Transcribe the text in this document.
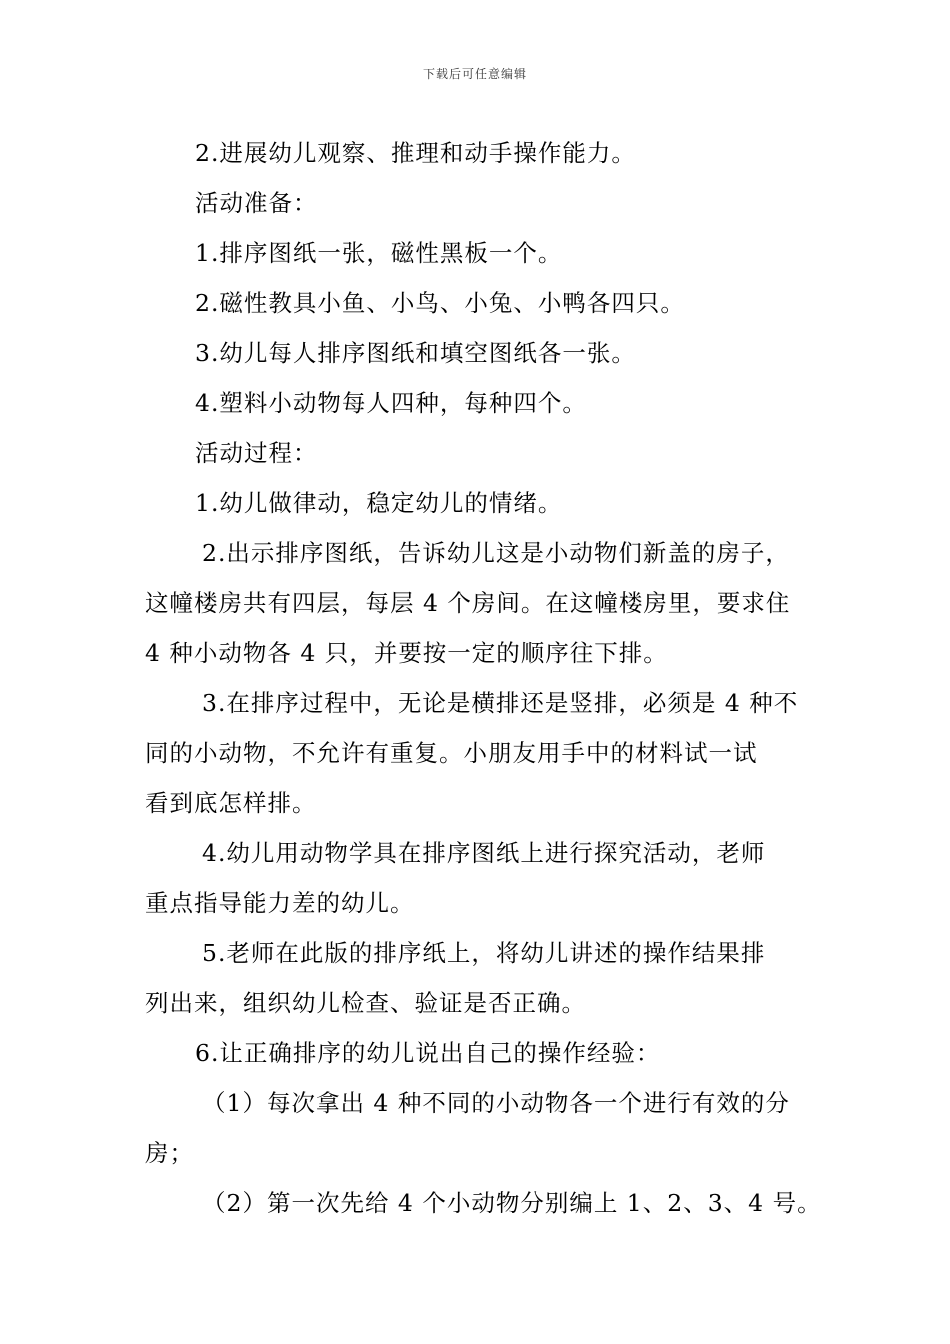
下载后可任意编辑
2.进展幼儿观察、推理和动手操作能力。
活动准备：
1.排序图纸一张，磁性黑板一个。
2.磁性教具小鱼、小鸟、小兔、小鸭各四只。
3.幼儿每人排序图纸和填空图纸各一张。
4.塑料小动物每人四种，每种四个。
活动过程：
1.幼儿做律动，稳定幼儿的情绪。
2.出示排序图纸，告诉幼儿这是小动物们新盖的房子，
这幢楼房共有四层，每层 4 个房间。在这幢楼房里，要求住
4 种小动物各 4 只，并要按一定的顺序往下排。
3.在排序过程中，无论是横排还是竖排，必须是 4 种不
同的小动物，不允许有重复。小朋友用手中的材料试一试
看到底怎样排。
4.幼儿用动物学具在排序图纸上进行探究活动，老师
重点指导能力差的幼儿。
5.老师在此版的排序纸上，将幼儿讲述的操作结果排
列出来，组织幼儿检查、验证是否正确。
6.让正确排序的幼儿说出自己的操作经验：
（1）每次拿出 4 种不同的小动物各一个进行有效的分
房；
（2）第一次先给 4 个小动物分别编上 1、2、3、4 号。
